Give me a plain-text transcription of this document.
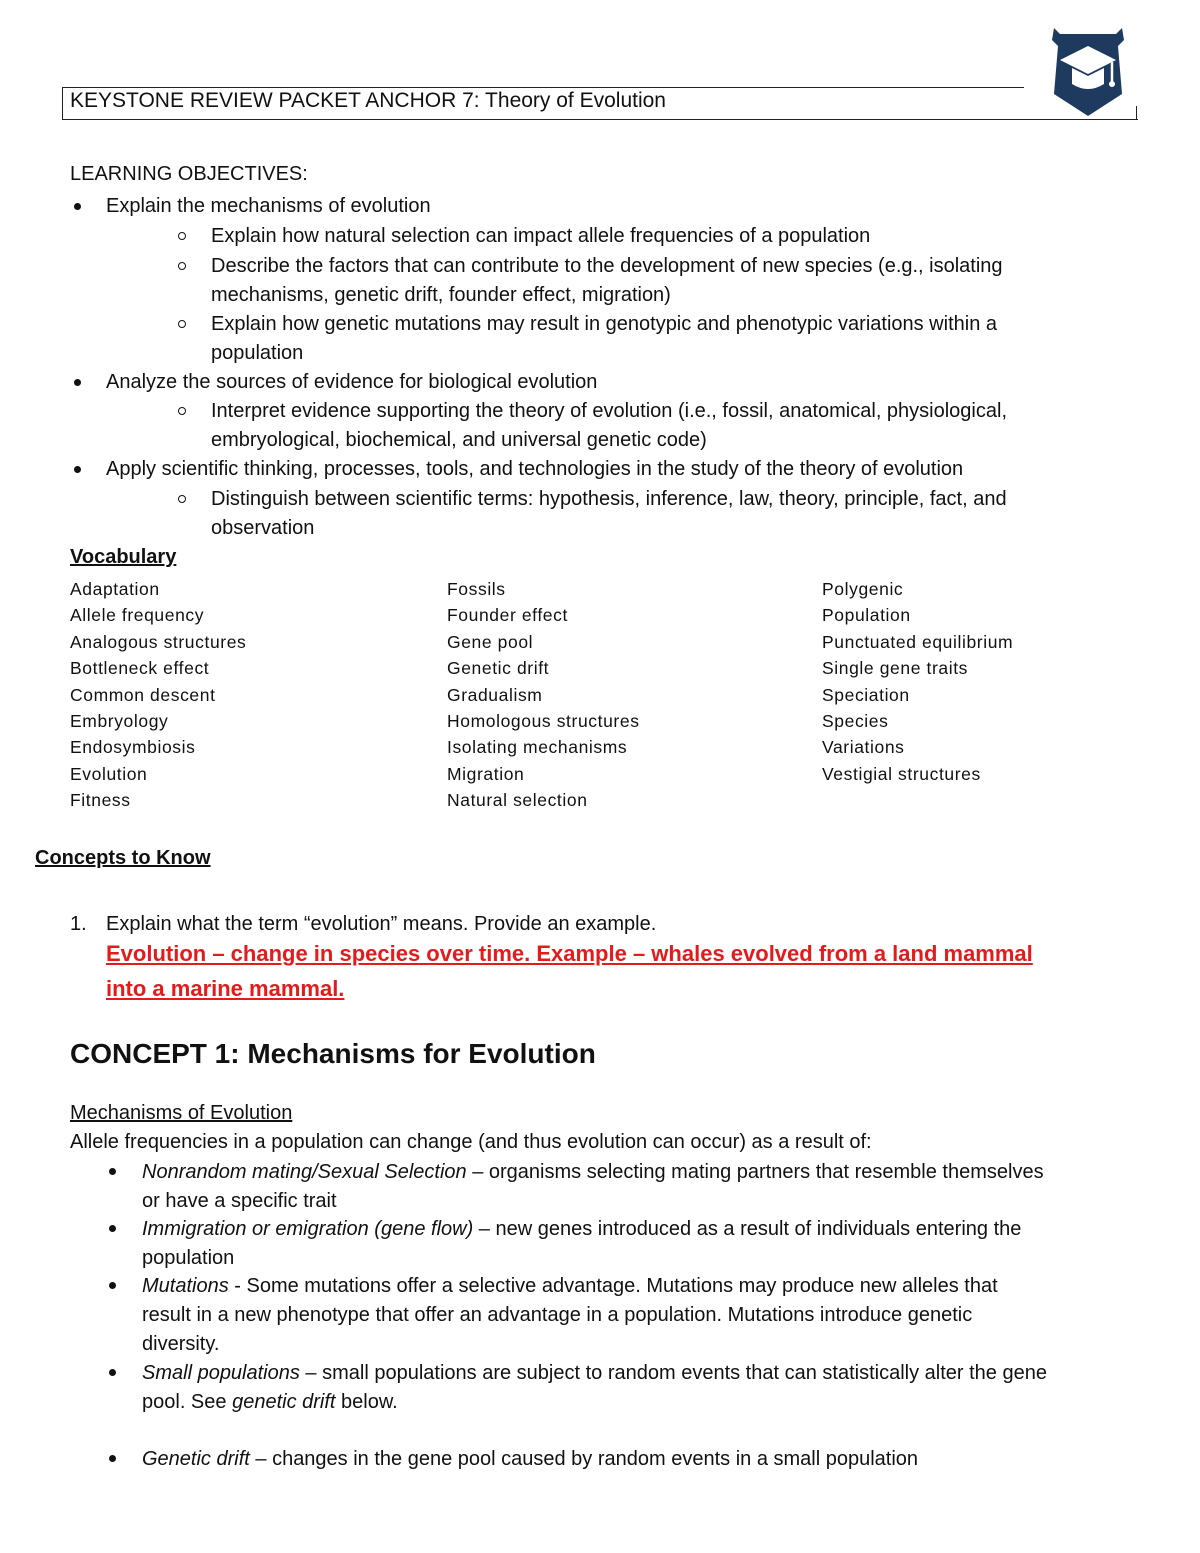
KEYSTONE REVIEW PACKET ANCHOR 7: Theory of Evolution
LEARNING OBJECTIVES:
Explain the mechanisms of evolution
Explain how natural selection can impact allele frequencies of a population
Describe the factors that can contribute to the development of new species (e.g., isolating
mechanisms, genetic drift, founder effect, migration)
Explain how genetic mutations may result in genotypic and phenotypic variations within a
population
Analyze the sources of evidence for biological evolution
Interpret evidence supporting the theory of evolution (i.e., fossil, anatomical, physiological,
embryological, biochemical, and universal genetic code)
Apply scientific thinking, processes, tools, and technologies in the study of the theory of evolution
Distinguish between scientific terms: hypothesis, inference, law, theory, principle, fact, and
observation
Vocabulary
Adaptation
Allele frequency
Analogous structures
Bottleneck effect
Common descent
Embryology
Endosymbiosis
Evolution
Fitness
Fossils
Founder effect
Gene pool
Genetic drift
Gradualism
Homologous structures
Isolating mechanisms
Migration
Natural selection
Polygenic
Population
Punctuated equilibrium
Single gene traits
Speciation
Species
Variations
Vestigial structures
Concepts to Know
1. Explain what the term “evolution” means. Provide an example.
Evolution – change in species over time. Example – whales evolved from a land mammal
into a marine mammal.
CONCEPT 1: Mechanisms for Evolution
Mechanisms of Evolution
Allele frequencies in a population can change (and thus evolution can occur) as a result of:
Nonrandom mating/Sexual Selection – organisms selecting mating partners that resemble themselves
or have a specific trait
Immigration or emigration (gene flow) – new genes introduced as a result of individuals entering the
population
Mutations - Some mutations offer a selective advantage. Mutations may produce new alleles that
result in a new phenotype that offer an advantage in a population. Mutations introduce genetic
diversity.
Small populations – small populations are subject to random events that can statistically alter the gene
pool. See genetic drift below.
Genetic drift – changes in the gene pool caused by random events in a small population
